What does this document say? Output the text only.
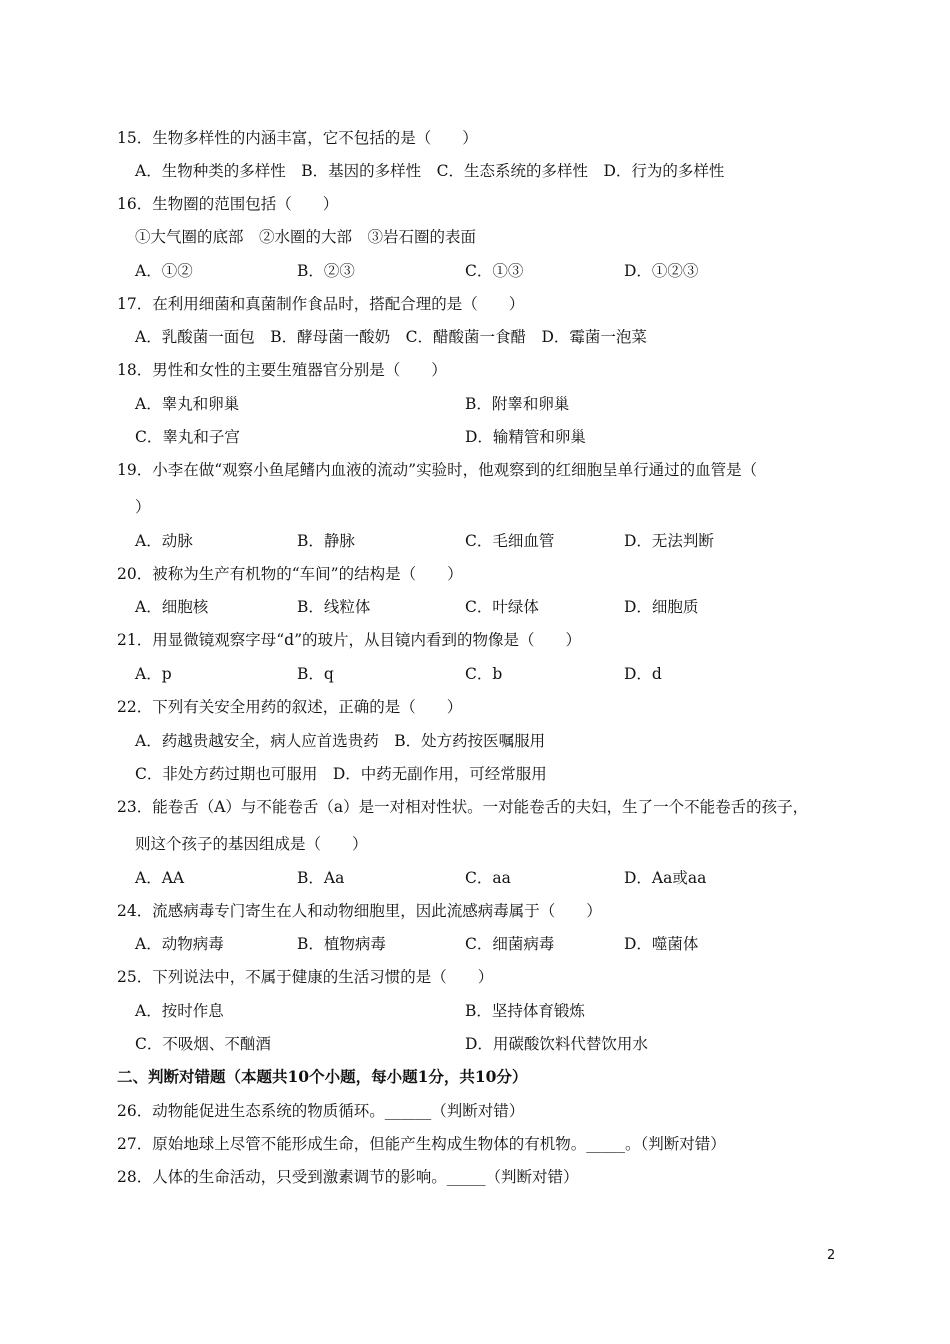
15．生物多样性的内涵丰富，它不包括的是（　　）
A．生物种类的多样性　B．基因的多样性　C．生态系统的多样性　D．行为的多样性
16．生物圈的范围包括（　　）
①大气圈的底部　②水圈的大部　③岩石圈的表面
A．①②	B．②③	C．①③	D．①②③
17．在利用细菌和真菌制作食品时，搭配合理的是（　　）
A．乳酸菌一面包　B．酵母菌一酸奶　C．醋酸菌一食醋　D．霉菌一泡菜
18．男性和女性的主要生殖器官分别是（　　）
A．睾丸和卵巢	B．附睾和卵巢
C．睾丸和子宫	D．输精管和卵巢
19．小李在做“观察小鱼尾鳍内血液的流动”实验时，他观察到的红细胞呈单行通过的血管是（
）
A．动脉	B．静脉	C．毛细血管	D．无法判断
20．被称为生产有机物的“车间”的结构是（　　）
A．细胞核	B．线粒体	C．叶绿体	D．细胞质
21．用显微镜观察字母“d”的玻片，从目镜内看到的物像是（　　）
A．p	B．q	C．b	D．d
22．下列有关安全用药的叙述，正确的是（　　）
A．药越贵越安全，病人应首选贵药　B．处方药按医嘱服用
C．非处方药过期也可服用　D．中药无副作用，可经常服用
23．能卷舌（A）与不能卷舌（a）是一对相对性状。一对能卷舌的夫妇，生了一个不能卷舌的孩子，
则这个孩子的基因组成是（　　）
A．AA	B．Aa	C．aa	D．Aa或aa
24．流感病毒专门寄生在人和动物细胞里，因此流感病毒属于（　　）
A．动物病毒	B．植物病毒	C．细菌病毒	D．噬菌体
25．下列说法中，不属于健康的生活习惯的是（　　）
A．按时作息	B．坚持体育锻炼
C．不吸烟、不酗酒	D．用碳酸饮料代替饮用水
二、判断对错题（本题共10个小题，每小题1分，共10分）
26．动物能促进生态系统的物质循环。______（判断对错）
27．原始地球上尽管不能形成生命，但能产生构成生物体的有机物。_____。（判断对错）
28．人体的生命活动，只受到激素调节的影响。_____（判断对错）
2
